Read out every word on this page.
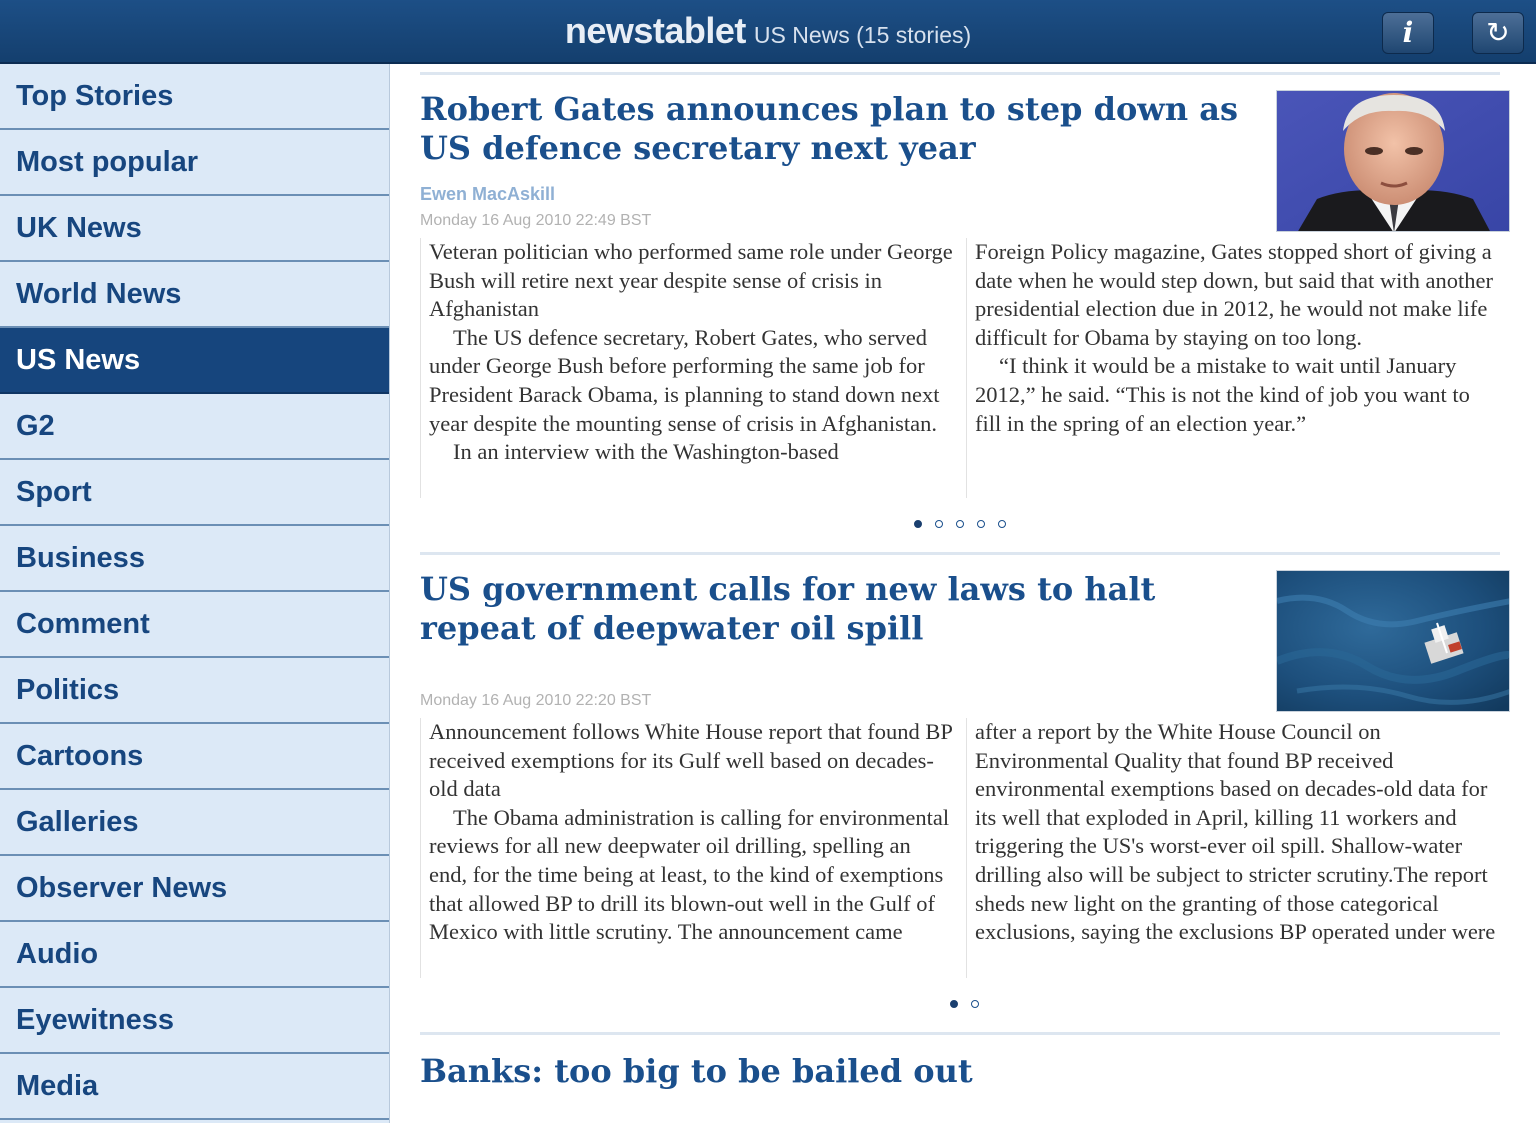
newstablet US News (15 stories)	i	↻
Top Stories
Most popular
UK News
World News
US News
G2
Sport
Business
Comment
Politics
Cartoons
Galleries
Observer News
Audio
Eyewitness
Media
Robert Gates announces plan to step down as US defence secretary next year
Ewen MacAskill
Monday 16 Aug 2010 22:49 BST

Veteran politician who performed same role under George Bush will retire next year despite sense of crisis in Afghanistan

The US defence secretary, Robert Gates, who served under George Bush before performing the same job for President Barack Obama, is planning to stand down next year despite the mounting sense of crisis in Afghanistan.

In an interview with the Washington-based

Foreign Policy magazine, Gates stopped short of giving a date when he would step down, but said that with another presidential election due in 2012, he would not make life difficult for Obama by staying on too long.

“I think it would be a mistake to wait until January 2012,” he said. “This is not the kind of job you want to fill in the spring of an election year.”

US government calls for new laws to halt repeat of deepwater oil spill
Monday 16 Aug 2010 22:20 BST

Announcement follows White House report that found BP received exemptions for its Gulf well based on decades-old data

The Obama administration is calling for environmental reviews for all new deepwater oil drilling, spelling an end, for the time being at least, to the kind of exemptions that allowed BP to drill its blown-out well in the Gulf of Mexico with little scrutiny. The announcement came

after a report by the White House Council on Environmental Quality that found BP received environmental exemptions based on decades-old data for its well that exploded in April, killing 11 workers and triggering the US's worst-ever oil spill. Shallow-water drilling also will be subject to stricter scrutiny.The report sheds new light on the granting of those categorical exclusions, saying the exclusions BP operated under were

Banks: too big to be bailed out
